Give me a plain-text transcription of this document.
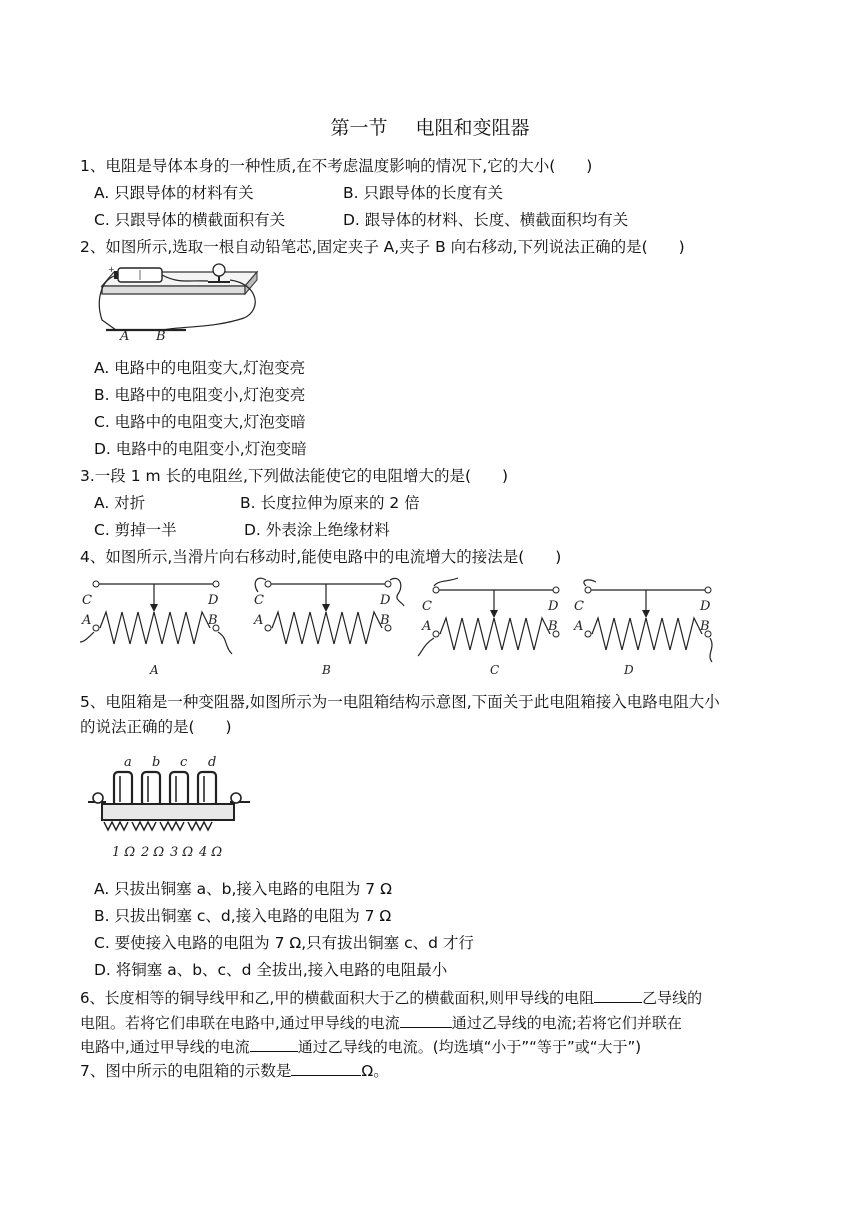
第一节 电阻和变阻器
1、电阻是导体本身的一种性质,在不考虑温度影响的情况下,它的大小(　　)
A. 只跟导体的材料有关	B. 只跟导体的长度有关
C. 只跟导体的横截面积有关	D. 跟导体的材料、长度、横截面积均有关
2、如图所示,选取一根自动铅笔芯,固定夹子 A,夹子 B 向右移动,下列说法正确的是(　　)
+
A B
A. 电路中的电阻变大,灯泡变亮
B. 电路中的电阻变小,灯泡变亮
C. 电路中的电阻变大,灯泡变暗
D. 电路中的电阻变小,灯泡变暗
3.一段 1 m 长的电阻丝,下列做法能使它的电阻增大的是(　　)
A. 对折	B. 长度拉伸为原来的 2 倍
C. 剪掉一半	D. 外表涂上绝缘材料
4、如图所示,当滑片向右移动时,能使电路中的电流增大的接法是(　　)
C	D
A	B
A
C	D
A	B
B
C	D
A	B
C
C	D
A	B
D
5、电阻箱是一种变阻器,如图所示为一电阻箱结构示意图,下面关于此电阻箱接入电路电阻大小
的说法正确的是(　　)
a b c d
1 Ω 2 Ω 3 Ω 4 Ω
A. 只拔出铜塞 a、b,接入电路的电阻为 7 Ω
B. 只拔出铜塞 c、d,接入电路的电阻为 7 Ω
C. 要使接入电路的电阻为 7 Ω,只有拔出铜塞 c、d 才行
D. 将铜塞 a、b、c、d 全拔出,接入电路的电阻最小
6、长度相等的铜导线甲和乙,甲的横截面积大于乙的横截面积,则甲导线的电阻	乙导线的
电阻。若将它们串联在电路中,通过甲导线的电流	通过乙导线的电流;若将它们并联在
电路中,通过甲导线的电流	通过乙导线的电流。(均选填“小于”“等于”或“大于”)
7、图中所示的电阻箱的示数是	Ω。
